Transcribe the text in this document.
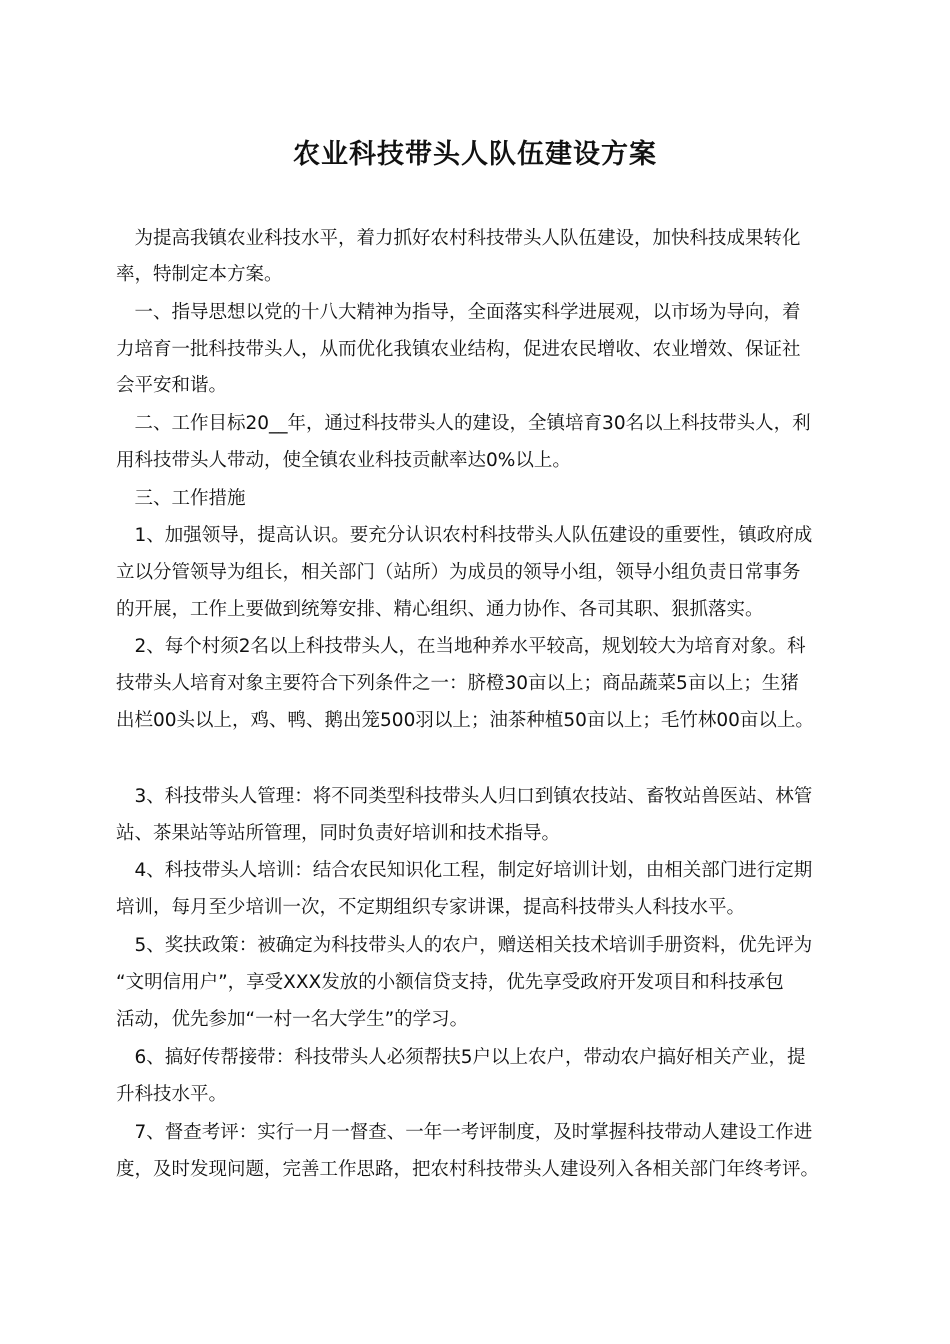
农业科技带头人队伍建设方案
　为提高我镇农业科技水平，着力抓好农村科技带头人队伍建设，加快科技成果转化
率，特制定本方案。
　一、指导思想以党的十八大精神为指导，全面落实科学进展观，以市场为导向，着
力培育一批科技带头人，从而优化我镇农业结构，促进农民增收、农业增效、保证社
会平安和谐。
　二、工作目标20__年，通过科技带头人的建设，全镇培育30名以上科技带头人，利
用科技带头人带动，使全镇农业科技贡献率达0%以上。
　三、工作措施
　1、加强领导，提高认识。要充分认识农村科技带头人队伍建设的重要性，镇政府成
立以分管领导为组长，相关部门（站所）为成员的领导小组，领导小组负责日常事务
的开展，工作上要做到统筹安排、精心组织、通力协作、各司其职、狠抓落实。
　2、每个村须2名以上科技带头人，在当地种养水平较高，规划较大为培育对象。科
技带头人培育对象主要符合下列条件之一：脐橙30亩以上；商品蔬菜5亩以上；生猪
出栏00头以上，鸡、鸭、鹅出笼500羽以上；油茶种植50亩以上；毛竹林00亩以上。
　3、科技带头人管理：将不同类型科技带头人归口到镇农技站、畜牧站兽医站、林管
站、茶果站等站所管理，同时负责好培训和技术指导。
　4、科技带头人培训：结合农民知识化工程，制定好培训计划，由相关部门进行定期
培训，每月至少培训一次，不定期组织专家讲课，提高科技带头人科技水平。
　5、奖扶政策：被确定为科技带头人的农户，赠送相关技术培训手册资料，优先评为
“文明信用户”，享受XXX发放的小额信贷支持，优先享受政府开发项目和科技承包
活动，优先参加“一村一名大学生”的学习。
　6、搞好传帮接带：科技带头人必须帮扶5户以上农户，带动农户搞好相关产业，提
升科技水平。
　7、督查考评：实行一月一督查、一年一考评制度，及时掌握科技带动人建设工作进
度，及时发现问题，完善工作思路，把农村科技带头人建设列入各相关部门年终考评。
